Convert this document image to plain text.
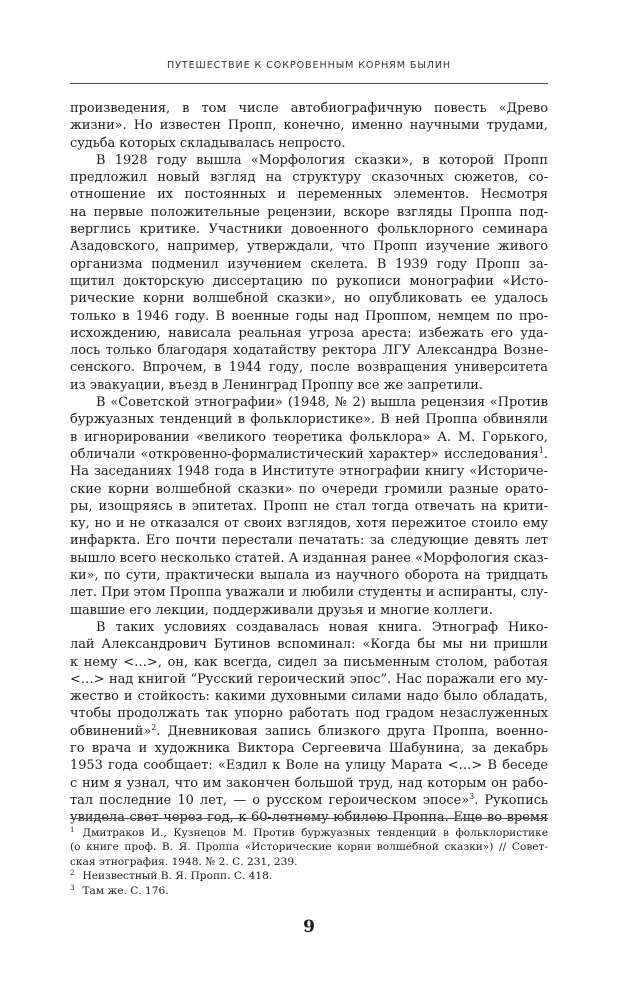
ПУТЕШЕСТВИЕ К СОКРОВЕННЫМ КОРНЯМ БЫЛИН
произведения, в том числе автобиографичную повесть «Древо
жизни». Но известен Пропп, конечно, именно научными трудами,
судьба которых складывалась непросто.
В 1928 году вышла «Морфология сказки», в которой Пропп
предложил новый взгляд на структуру сказочных сюжетов, со-
отношение их постоянных и переменных элементов. Несмотря
на первые положительные рецензии, вскоре взгляды Проппа под-
верглись критике. Участники довоенного фольклорного семинара
Азадовского, например, утверждали, что Пропп изучение живого
организма подменил изучением скелета. В 1939 году Пропп за-
щитил докторскую диссертацию по рукописи монографии «Исто-
рические корни волшебной сказки», но опубликовать ее удалось
только в 1946 году. В военные годы над Проппом, немцем по про-
исхождению, нависала реальная угроза ареста: избежать его уда-
лось только благодаря ходатайству ректора ЛГУ Александра Возне-
сенского. Впрочем, в 1944 году, после возвращения университета
из эвакуации, въезд в Ленинград Проппу все же запретили.
В «Советской этнографии» (1948, № 2) вышла рецензия «Против
буржуазных тенденций в фольклористике». В ней Проппа обвиняли
в игнорировании «великого теоретика фольклора» А. М. Горького,
обличали «откровенно-формалистический характер» исследования$^1$.
На заседаниях 1948 года в Институте этнографии книгу «Историче-
ские корни волшебной сказки» по очереди громили разные орато-
ры, изощряясь в эпитетах. Пропп не стал тогда отвечать на крити-
ку, но и не отказался от своих взглядов, хотя пережитое стоило ему
инфаркта. Его почти перестали печатать: за следующие девять лет
вышло всего несколько статей. А изданная ранее «Морфология сказ-
ки», по сути, практически выпала из научного оборота на тридцать
лет. При этом Проппа уважали и любили студенты и аспиранты, слу-
шавшие его лекции, поддерживали друзья и многие коллеги.
В таких условиях создавалась новая книга. Этнограф Нико-
лай Александрович Бутинов вспоминал: «Когда бы мы ни пришли
к нему <…>, он, как всегда, сидел за письменным столом, работая
<…> над книгой “Русский героический эпос”. Нас поражали его му-
жество и стойкость: какими духовными силами надо было обладать,
чтобы продолжать так упорно работать под градом незаслуженных
обвинений»$^2$. Дневниковая запись близкого друга Проппа, военно-
го врача и художника Виктора Сергеевича Шабунина, за декабрь
1953 года сообщает: «Ездил к Воле на улицу Марата <…> В беседе
с ним я узнал, что им закончен большой труд, над которым он рабо-
тал последние 10 лет, — о русском героическом эпосе»$^3$. Рукопись
увидела свет через год, к 60-летнему юбилею Проппа. Еще во время
$^1$ Дмитраков И., Кузнецов М. Против буржуазных тенденций в фольклористике
(о книге проф. В. Я. Проппа «Исторические корни волшебной сказки») // Совет-
ская этнография. 1948. № 2. С. 231, 239.
$^2$ Неизвестный В. Я. Пропп. С. 418.
$^3$ Там же. С. 176.
9
